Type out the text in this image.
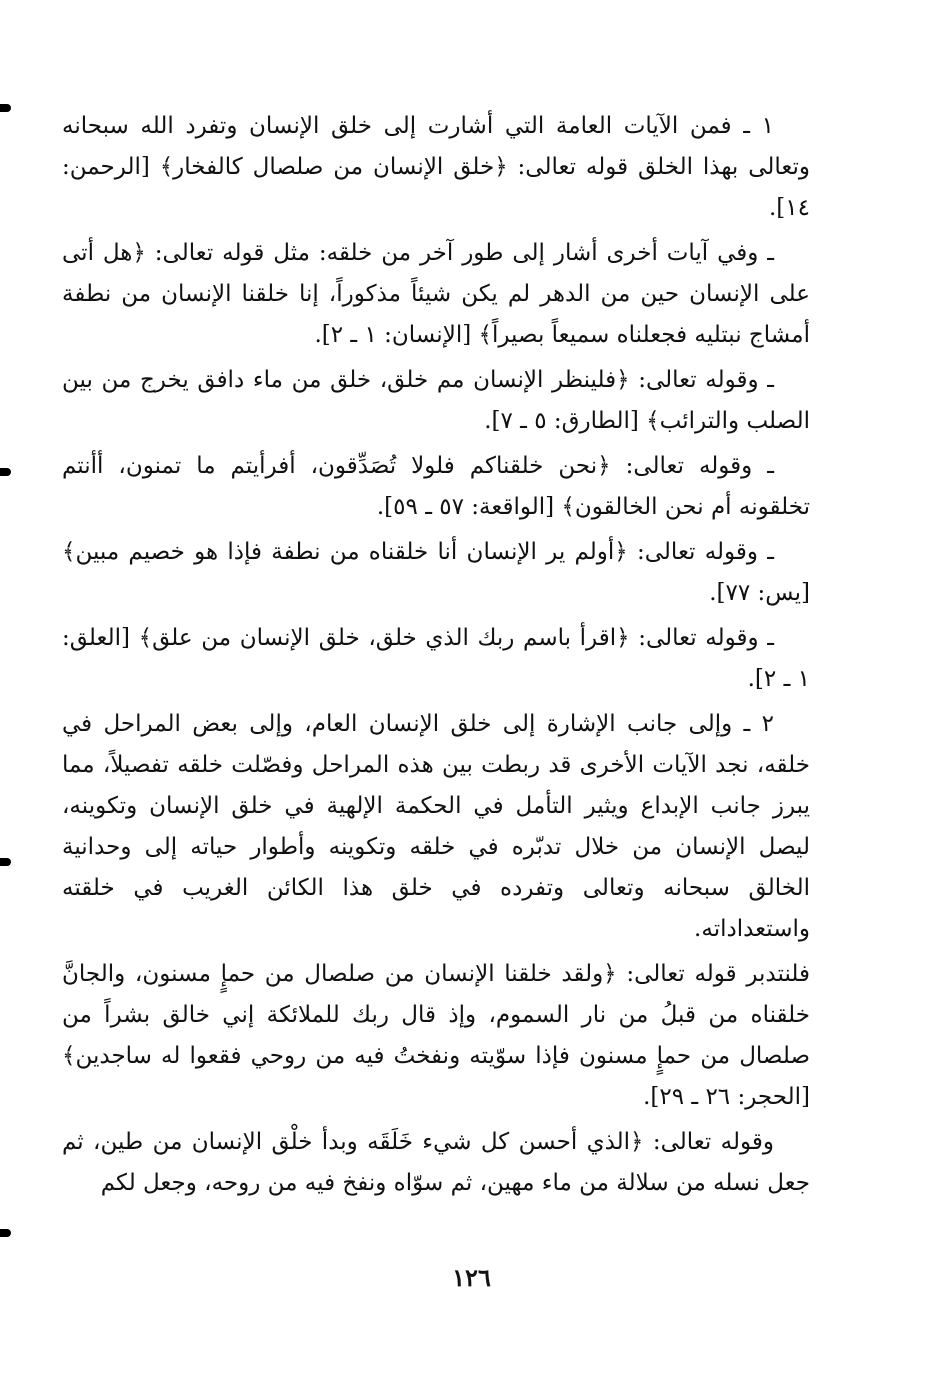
١ ـ فمن الآيات العامة التي أشارت إلى خلق الإنسان وتفرد الله سبحانه وتعالى بهذا الخلق قوله تعالى: ﴿خلق الإنسان من صلصال كالفخار﴾ [الرحمن: ١٤].

ـ وفي آيات أخرى أشار إلى طور آخر من خلقه: مثل قوله تعالى: ﴿هل أتى على الإنسان حين من الدهر لم يكن شيئاً مذكوراً، إنا خلقنا الإنسان من نطفة أمشاج نبتليه فجعلناه سميعاً بصيراً﴾ [الإنسان: ١ ـ ٢].

ـ وقوله تعالى: ﴿فلينظر الإنسان مم خلق، خلق من ماء دافق يخرج من بين الصلب والترائب﴾ [الطارق: ٥ ـ ٧].

ـ وقوله تعالى: ﴿نحن خلقناكم فلولا تُصَدِّقون، أفرأيتم ما تمنون، أأنتم تخلقونه أم نحن الخالقون﴾ [الواقعة: ٥٧ ـ ٥٩].

ـ وقوله تعالى: ﴿أولم ير الإنسان أنا خلقناه من نطفة فإذا هو خصيم مبين﴾ [يس: ٧٧].

ـ وقوله تعالى: ﴿اقرأ باسم ربك الذي خلق، خلق الإنسان من علق﴾ [العلق: ١ ـ ٢].

٢ ـ وإلى جانب الإشارة إلى خلق الإنسان العام، وإلى بعض المراحل في خلقه، نجد الآيات الأخرى قد ربطت بين هذه المراحل وفصّلت خلقه تفصيلاً، مما يبرز جانب الإبداع ويثير التأمل في الحكمة الإلهية في خلق الإنسان وتكوينه، ليصل الإنسان من خلال تدبّره في خلقه وتكوينه وأطوار حياته إلى وحدانية الخالق سبحانه وتعالى وتفرده في خلق هذا الكائن الغريب في خلقته واستعداداته.

فلنتدبر قوله تعالى: ﴿ولقد خلقنا الإنسان من صلصال من حمإٍ مسنون، والجانَّ خلقناه من قبلُ من نار السموم، وإذ قال ربك للملائكة إني خالق بشراً من صلصال من حمإٍ مسنون فإذا سوّيته ونفختُ فيه من روحي فقعوا له ساجدين﴾ [الحجر: ٢٦ ـ ٢٩].

وقوله تعالى: ﴿الذي أحسن كل شيء خَلَقَه وبدأ خلْق الإنسان من طين، ثم جعل نسله من سلالة من ماء مهين، ثم سوّاه ونفخ فيه من روحه، وجعل لكم

١٢٦
